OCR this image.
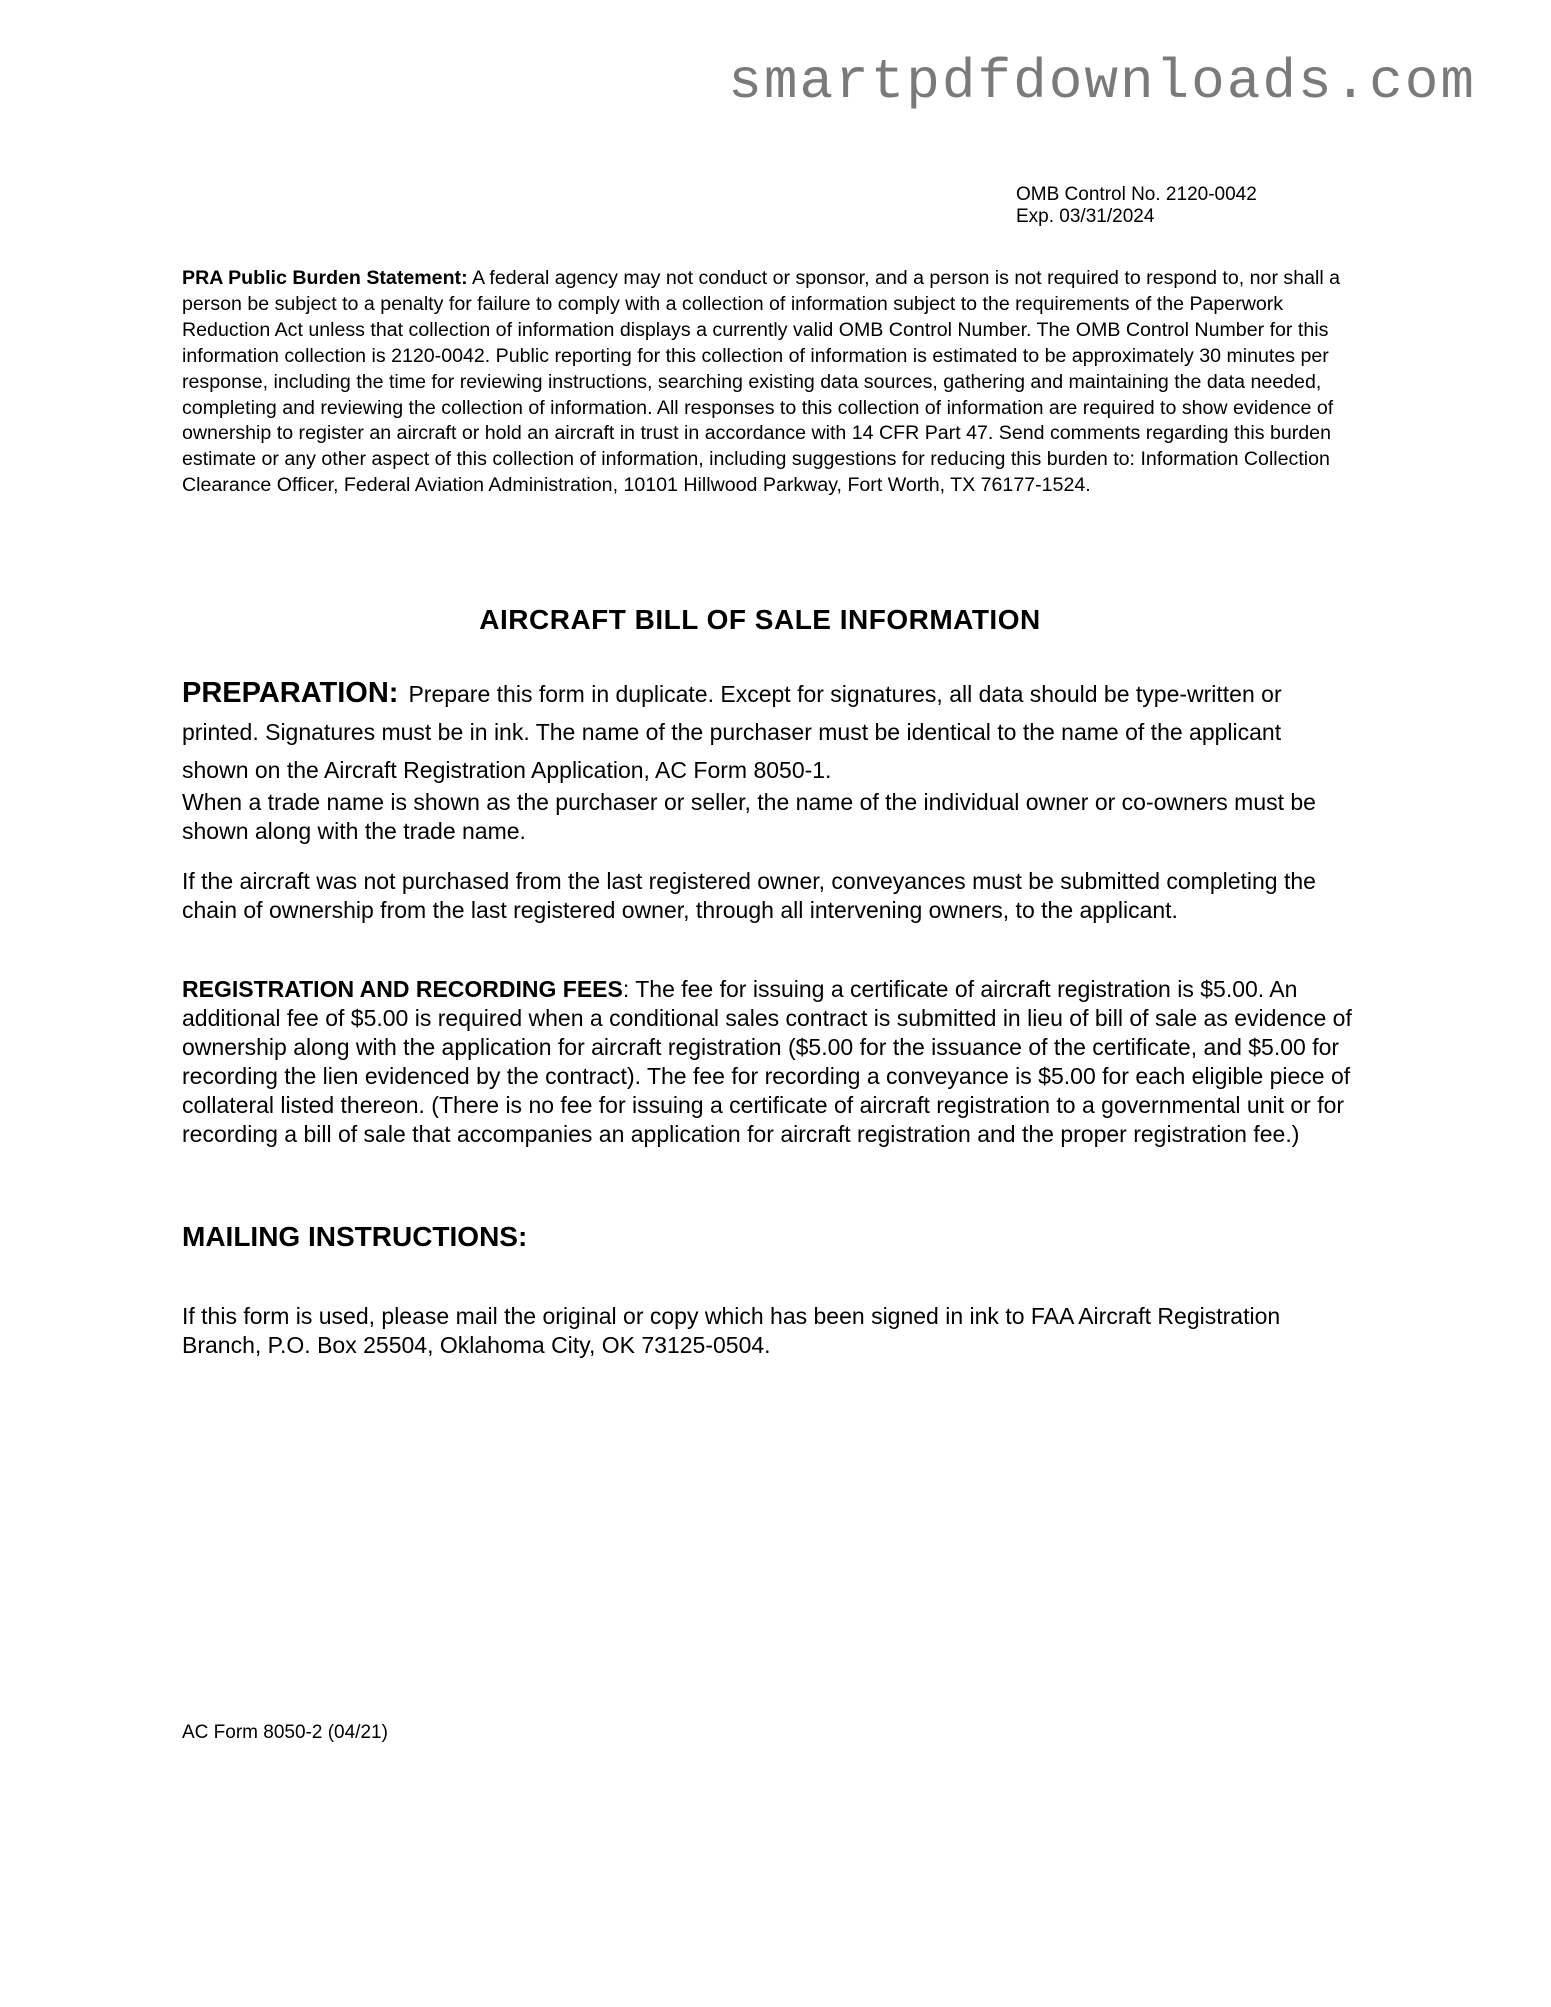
smartpdfdownloads.com
OMB Control No. 2120-0042
Exp. 03/31/2024
PRA Public Burden Statement: A federal agency may not conduct or sponsor, and a person is not required to respond to, nor shall a person be subject to a penalty for failure to comply with a collection of information subject to the requirements of the Paperwork Reduction Act unless that collection of information displays a currently valid OMB Control Number. The OMB Control Number for this information collection is 2120-0042. Public reporting for this collection of information is estimated to be approximately 30 minutes per response, including the time for reviewing instructions, searching existing data sources, gathering and maintaining the data needed, completing and reviewing the collection of information. All responses to this collection of information are required to show evidence of ownership to register an aircraft or hold an aircraft in trust in accordance with 14 CFR Part 47. Send comments regarding this burden estimate or any other aspect of this collection of information, including suggestions for reducing this burden to: Information Collection Clearance Officer, Federal Aviation Administration, 10101 Hillwood Parkway, Fort Worth, TX 76177-1524.
AIRCRAFT BILL OF SALE INFORMATION
PREPARATION: Prepare this form in duplicate. Except for signatures, all data should be type-written or printed. Signatures must be in ink. The name of the purchaser must be identical to the name of the applicant shown on the Aircraft Registration Application, AC Form 8050-1.
When a trade name is shown as the purchaser or seller, the name of the individual owner or co-owners must be shown along with the trade name.
If the aircraft was not purchased from the last registered owner, conveyances must be submitted completing the chain of ownership from the last registered owner, through all intervening owners, to the applicant.
REGISTRATION AND RECORDING FEES: The fee for issuing a certificate of aircraft registration is $5.00. An additional fee of $5.00 is required when a conditional sales contract is submitted in lieu of bill of sale as evidence of ownership along with the application for aircraft registration ($5.00 for the issuance of the certificate, and $5.00 for recording the lien evidenced by the contract). The fee for recording a conveyance is $5.00 for each eligible piece of collateral listed thereon. (There is no fee for issuing a certificate of aircraft registration to a governmental unit or for recording a bill of sale that accompanies an application for aircraft registration and the proper registration fee.)
MAILING INSTRUCTIONS:
If this form is used, please mail the original or copy which has been signed in ink to FAA Aircraft Registration Branch, P.O. Box 25504, Oklahoma City, OK 73125-0504.
AC Form 8050-2 (04/21)
